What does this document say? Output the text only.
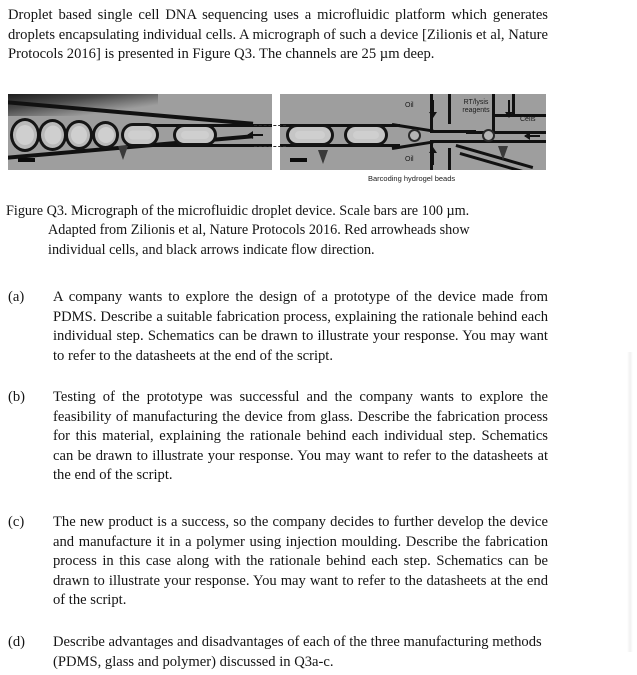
Droplet based single cell DNA sequencing uses a microfluidic platform which generates droplets encapsulating individual cells. A micrograph of such a device [Zilionis et al, Nature Protocols 2016] is presented in Figure Q3. The channels are 25 µm deep.
Oil
Oil
RT/lysis reagents
Cells
Barcoding hydrogel beads
Figure Q3. Micrograph of the microfluidic droplet device. Scale bars are 100 µm.
Adapted from Zilionis et al, Nature Protocols 2016. Red arrowheads show
individual cells, and black arrows indicate flow direction.
(a)	A company wants to explore the design of a prototype of the device made from PDMS. Describe a suitable fabrication process, explaining the rationale behind each individual step. Schematics can be drawn to illustrate your response. You may want to refer to the datasheets at the end of the script.
(b)	Testing of the prototype was successful and the company wants to explore the feasibility of manufacturing the device from glass. Describe the fabrication process for this material, explaining the rationale behind each individual step. Schematics can be drawn to illustrate your response. You may want to refer to the datasheets at the end of the script.
(c)	The new product is a success, so the company decides to further develop the device and manufacture it in a polymer using injection moulding. Describe the fabrication process in this case along with the rationale behind each step. Schematics can be drawn to illustrate your response. You may want to refer to the datasheets at the end of the script.
(d)	Describe advantages and disadvantages of each of the three manufacturing methods (PDMS, glass and polymer) discussed in Q3a-c.
